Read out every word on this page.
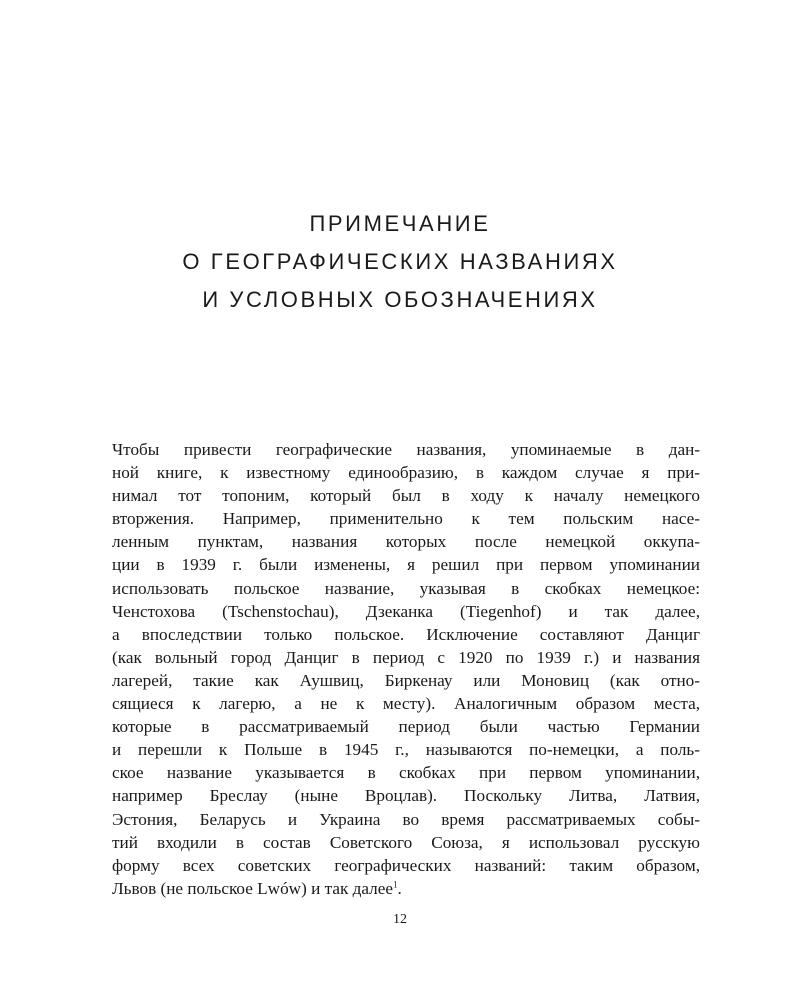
ПРИМЕЧАНИЕ
О ГЕОГРАФИЧЕСКИХ НАЗВАНИЯХ
И УСЛОВНЫХ ОБОЗНАЧЕНИЯХ
Чтобы привести географические названия, упоминаемые в дан-
ной книге, к известному единообразию, в каждом случае я при-
нимал тот топоним, который был в ходу к началу немецкого
вторжения. Например, применительно к тем польским насе-
ленным пунктам, названия которых после немецкой оккупа-
ции в 1939 г. были изменены, я решил при первом упоминании
использовать польское название, указывая в скобках немецкое:
Ченстохова (Tschenstochau), Дзеканка (Tiegenhof) и так далее,
а впоследствии только польское. Исключение составляют Данциг
(как вольный город Данциг в период с 1920 по 1939 г.) и названия
лагерей, такие как Аушвиц, Биркенау или Моновиц (как отно-
сящиеся к лагерю, а не к месту). Аналогичным образом места,
которые в рассматриваемый период были частью Германии
и перешли к Польше в 1945 г., называются по-немецки, а поль-
ское название указывается в скобках при первом упоминании,
например Бреслау (ныне Вроцлав). Поскольку Литва, Латвия,
Эстония, Беларусь и Украина во время рассматриваемых собы-
тий входили в состав Советского Союза, я использовал русскую
форму всех советских географических названий: таким образом,
Львов (не польское Lwów) и так далее$^1$.
12
